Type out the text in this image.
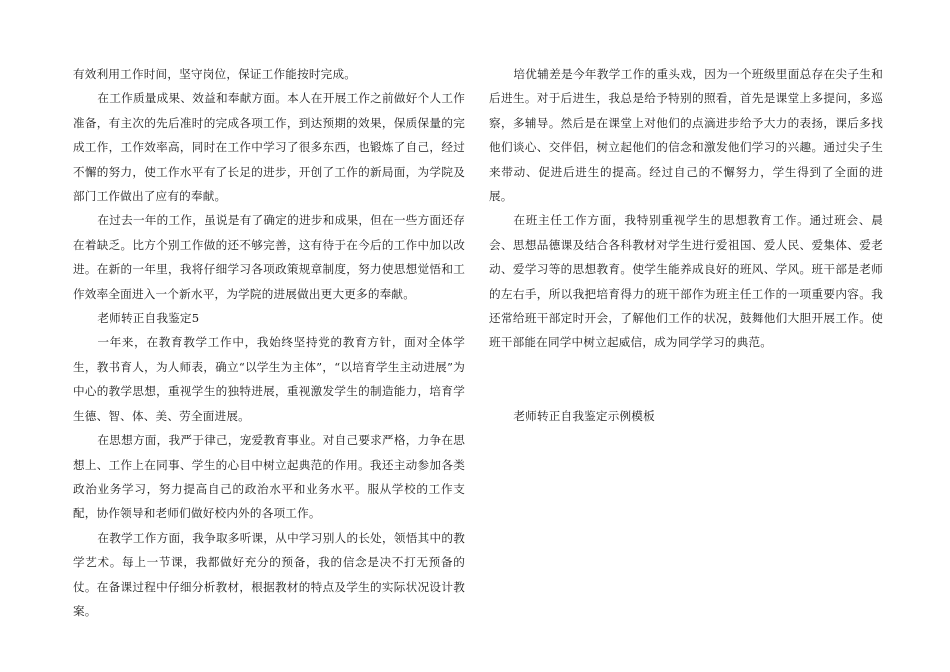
有效利用工作时间，坚守岗位，保证工作能按时完成。

在工作质量成果、效益和奉献方面。本人在开展工作之前做好个人工作准备，有主次的先后准时的完成各项工作，到达预期的效果，保质保量的完成工作，工作效率高，同时在工作中学习了很多东西，也锻炼了自己，经过不懈的努力，使工作水平有了长足的进步，开创了工作的新局面，为学院及部门工作做出了应有的奉献。

在过去一年的工作，虽说是有了确定的进步和成果，但在一些方面还存在着缺乏。比方个别工作做的还不够完善，这有待于在今后的工作中加以改进。在新的一年里，我将仔细学习各项政策规章制度，努力使思想觉悟和工作效率全面进入一个新水平，为学院的进展做出更大更多的奉献。

老师转正自我鉴定5

一年来，在教育教学工作中，我始终坚持党的教育方针，面对全体学生，教书育人，为人师表，确立“以学生为主体”，“以培育学生主动进展”为中心的教学思想，重视学生的独特进展，重视激发学生的制造能力，培育学生德、智、体、美、劳全面进展。

在思想方面，我严于律己，宠爱教育事业。对自己要求严格，力争在思想上、工作上在同事、学生的心目中树立起典范的作用。我还主动参加各类政治业务学习，努力提高自己的政治水平和业务水平。服从学校的工作支配，协作领导和老师们做好校内外的各项工作。

在教学工作方面，我争取多听课，从中学习别人的长处，领悟其中的教学艺术。每上一节课，我都做好充分的预备，我的信念是决不打无预备的仗。在备课过程中仔细分析教材，根据教材的特点及学生的实际状况设计教案。

培优辅差是今年教学工作的重头戏，因为一个班级里面总存在尖子生和后进生。对于后进生，我总是给予特别的照看，首先是课堂上多提问，多巡察，多辅导。然后是在课堂上对他们的点滴进步给予大力的表扬，课后多找他们谈心、交伴侣，树立起他们的信念和激发他们学习的兴趣。通过尖子生来带动、促进后进生的提高。经过自己的不懈努力，学生得到了全面的进展。

在班主任工作方面，我特别重视学生的思想教育工作。通过班会、晨会、思想品德课及结合各科教材对学生进行爱祖国、爱人民、爱集体、爱老动、爱学习等的思想教育。使学生能养成良好的班风、学风。班干部是老师的左右手，所以我把培育得力的班干部作为班主任工作的一项重要内容。我还常给班干部定时开会，了解他们工作的状况，鼓舞他们大胆开展工作。使班干部能在同学中树立起威信，成为同学学习的典范。

老师转正自我鉴定示例模板
